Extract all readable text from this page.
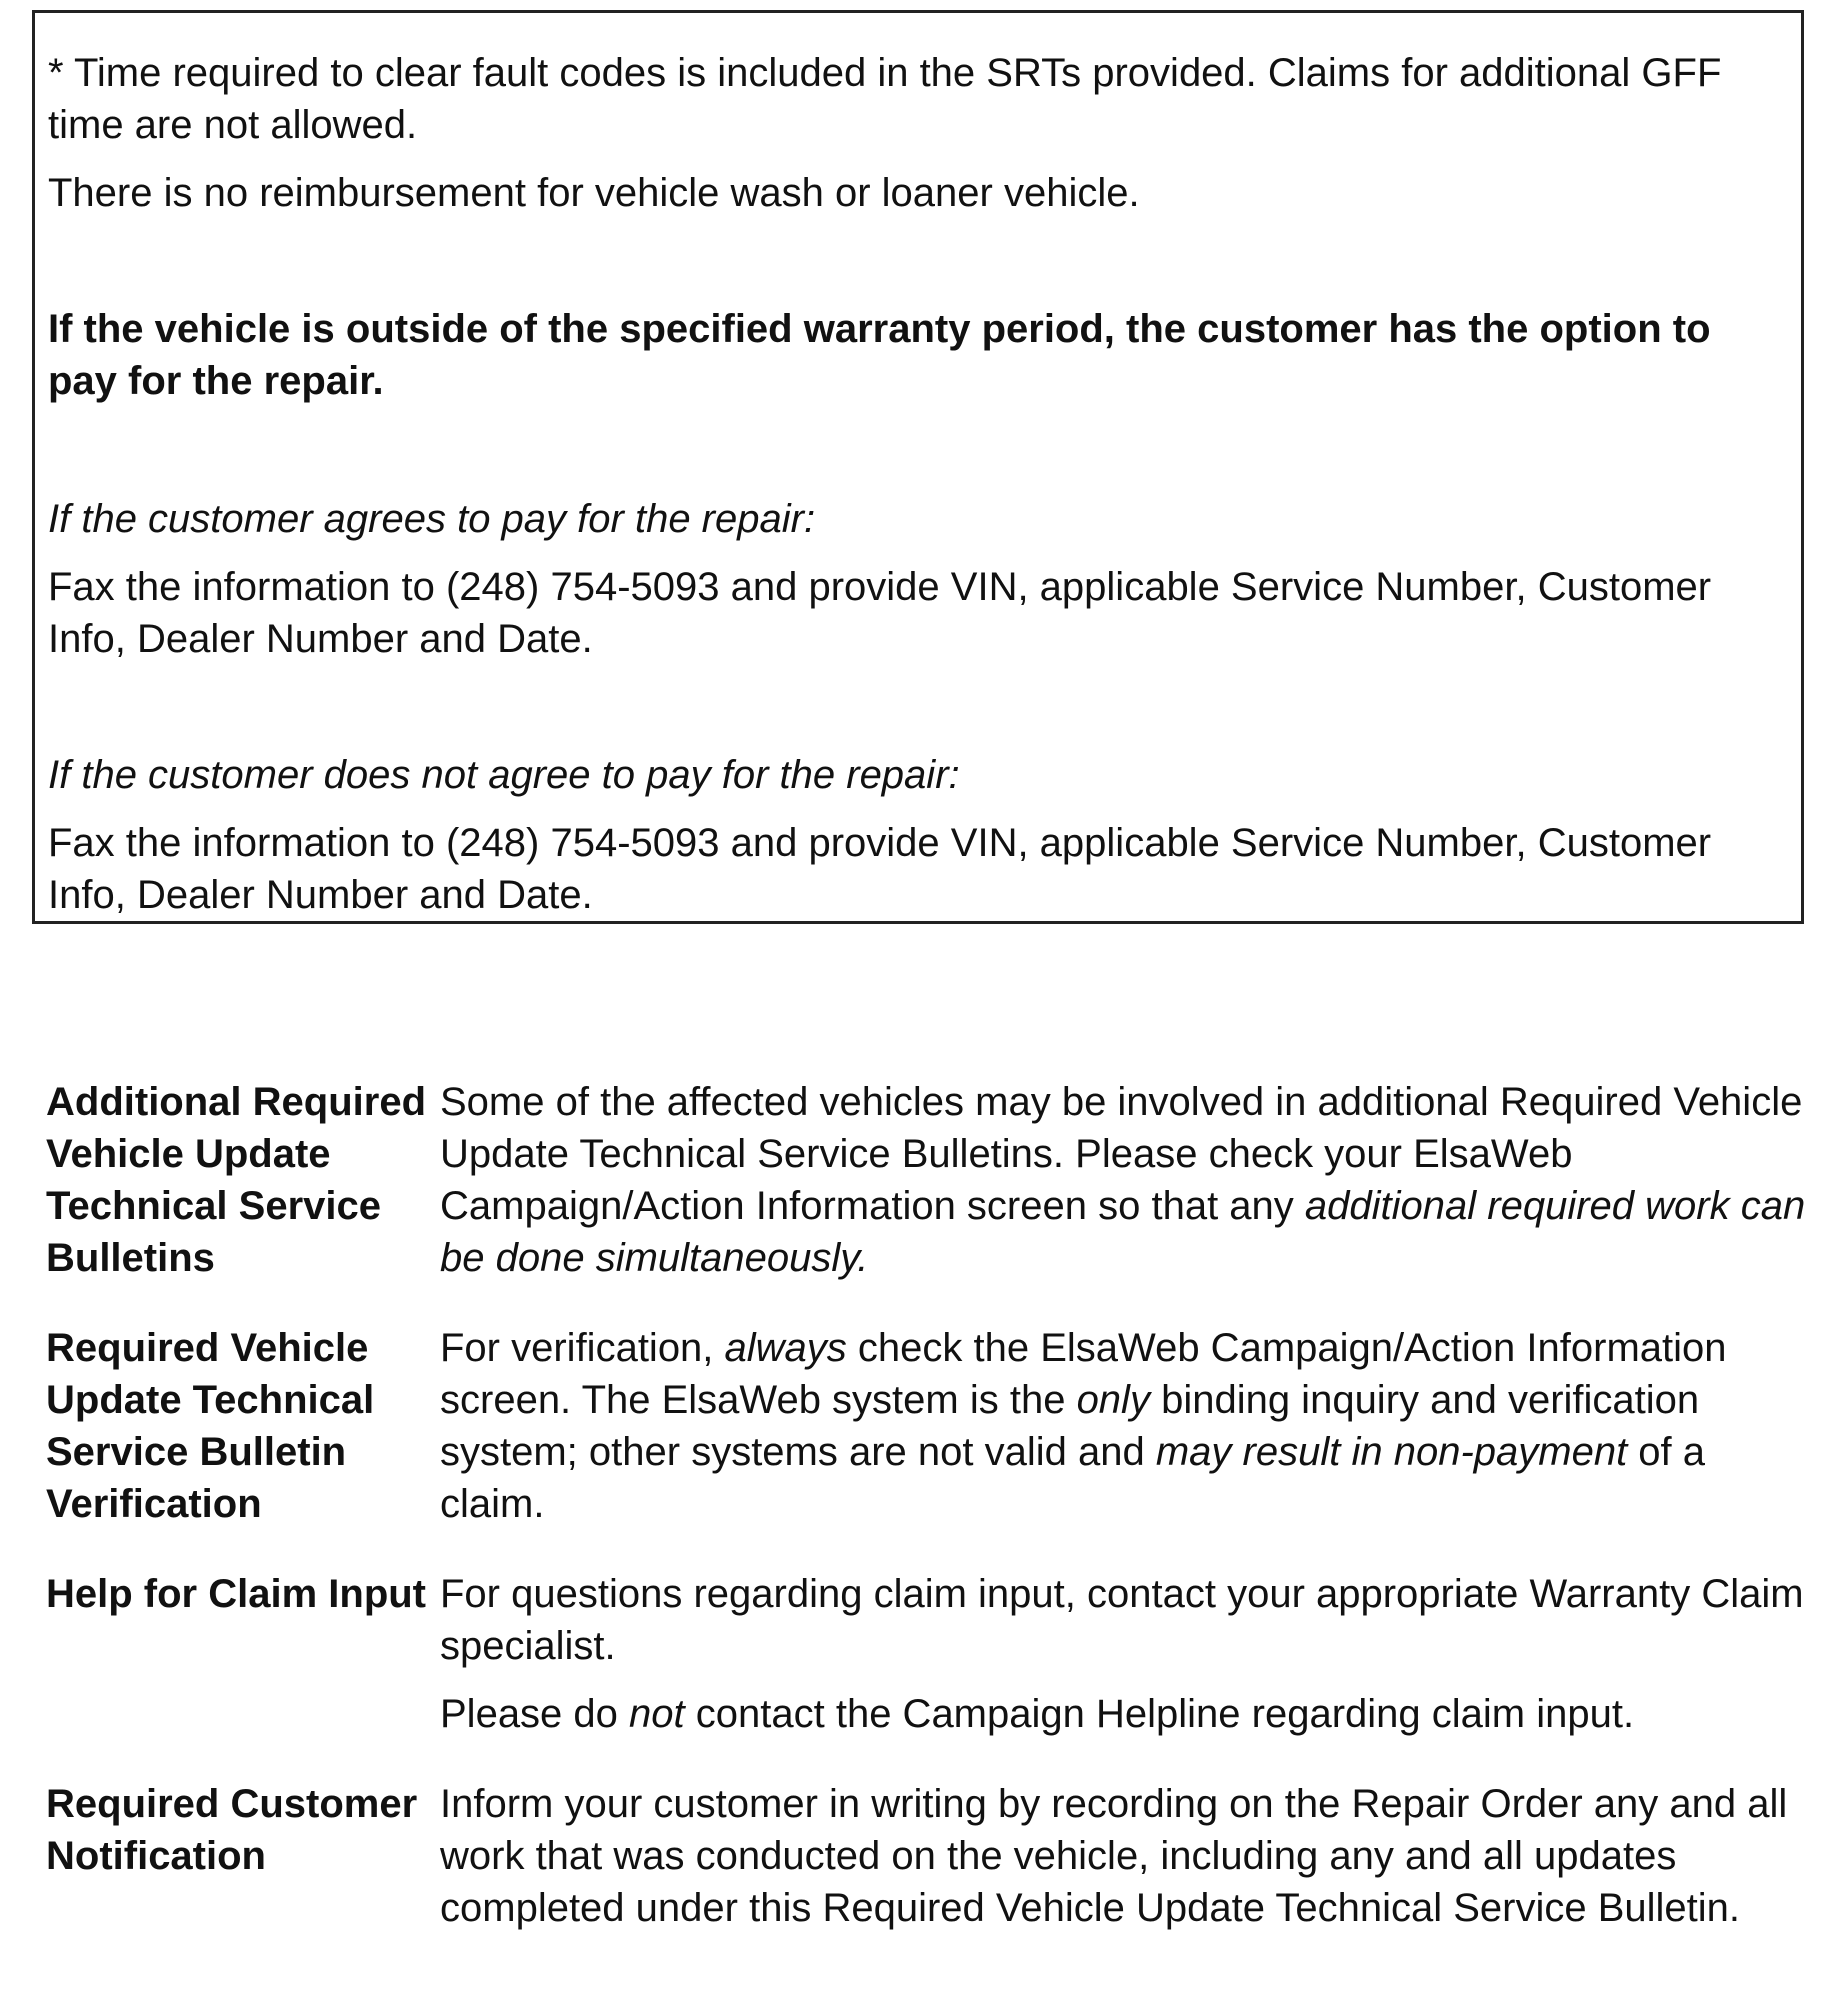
* Time required to clear fault codes is included in the SRTs provided. Claims for additional GFF time are not allowed.

There is no reimbursement for vehicle wash or loaner vehicle.

If the vehicle is outside of the specified warranty period, the customer has the option to pay for the repair.

If the customer agrees to pay for the repair:

Fax the information to (248) 754-5093 and provide VIN, applicable Service Number, Customer Info, Dealer Number and Date.

If the customer does not agree to pay for the repair:

Fax the information to (248) 754-5093 and provide VIN, applicable Service Number, Customer Info, Dealer Number and Date.

Additional Required Vehicle Update Technical Service Bulletins

Some of the affected vehicles may be involved in additional Required Vehicle Update Technical Service Bulletins. Please check your ElsaWeb Campaign/Action Information screen so that any additional required work can be done simultaneously.

Required Vehicle Update Technical Service Bulletin Verification

For verification, always check the ElsaWeb Campaign/Action Information screen. The ElsaWeb system is the only binding inquiry and verification system; other systems are not valid and may result in non-payment of a claim.

Help for Claim Input For questions regarding claim input, contact your appropriate Warranty Claim specialist.

Please do not contact the Campaign Helpline regarding claim input.

Required Customer Notification

Inform your customer in writing by recording on the Repair Order any and all work that was conducted on the vehicle, including any and all updates completed under this Required Vehicle Update Technical Service Bulletin.
